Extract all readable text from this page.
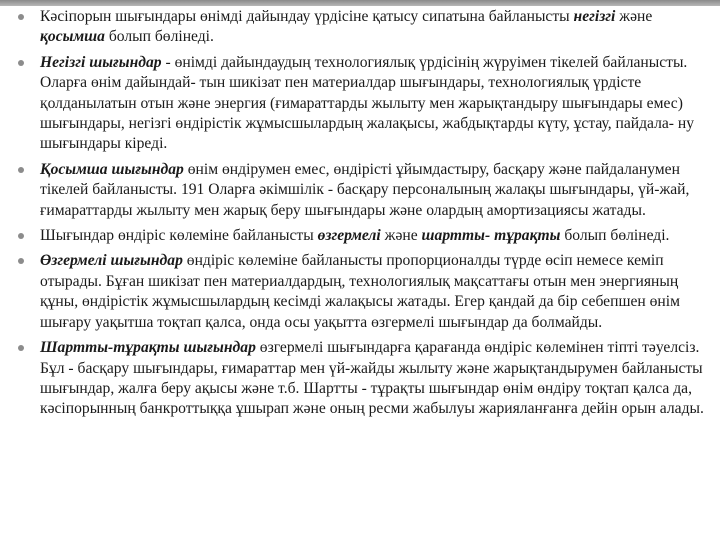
Кәсіпорын шығындары өнімді дайындау үрдісіне қатысу сипатына байланысты негізгі және қосымша болып бөлінеді.
Негізгі шығындар - өнімді дайындаудың технологиялық үрдісінің жүруімен тікелей байланысты. Оларға өнім дайындай- тын шикізат пен материалдар шығындары, технологиялық үрдісте қолданылатын отын және энергия (ғимараттарды жылыту мен жарықтандыру шығындары емес) шығындары, негізгі өндірістік жұмысшылардың жалақысы, жабдықтарды күту, ұстау, пайдала- ну шығындары кіреді.
Қосымша шығындар өнім өндірумен емес, өндірісті ұйымдастыру, басқару және пайдаланумен тікелей байланысты. 191 Оларға әкімшілік - басқару персоналының жалақы шығындары, үй-жай, ғимараттарды жылыту мен жарық беру шығындары және олардың амортизациясы жатады.
Шығындар өндіріс көлеміне байланысты өзгермелі және шартты- тұрақты болып бөлінеді.
Өзгермелі шығындар өндіріс көлеміне байланысты пропорционалды түрде өсіп немесе кеміп отырады. Бұған шикізат пен материалдардың, технологиялық мақсаттағы отын мен энергияның құны, өндірістік жұмысшылардың кесімді жалақысы жатады. Егер қандай да бір себепшен өнім шығару уақытша тоқтап қалса, онда осы уақытта өзгермелі шығындар да болмайды.
Шартты-тұрақты шығындар өзгермелі шығындарға қарағанда өндіріс көлемінен тіпті тәуелсіз. Бұл - басқару шығындары, ғимараттар мен үй-жайды жылыту және жарықтандырумен байланысты шығындар, жалға беру ақысы және т.б. Шартты - тұрақты шығындар өнім өндіру тоқтап қалса да, кәсіпорынның банкроттыққа ұшырап және оның ресми жабылуы жарияланғанға дейін орын алады.
